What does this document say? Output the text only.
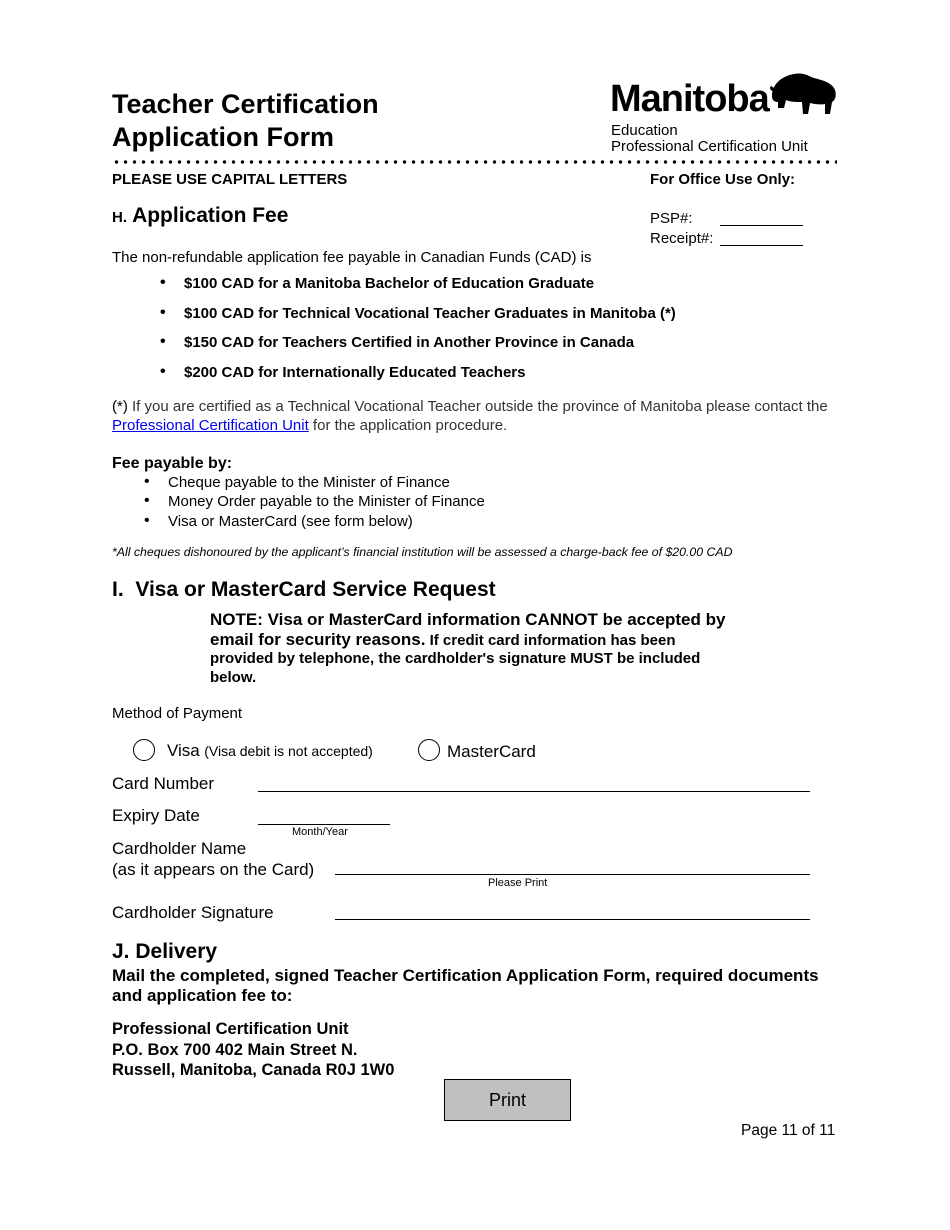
Teacher Certification
Application Form
Manitoba
Education
Professional Certification Unit
PLEASE USE CAPITAL LETTERS	For Office Use Only:
PSP#:
Receipt#:
H. Application Fee
The non-refundable application fee payable in Canadian Funds (CAD) is
• $100 CAD for a Manitoba Bachelor of Education Graduate
• $100 CAD for Technical Vocational Teacher Graduates in Manitoba (*)
• $150 CAD for Teachers Certified in Another Province in Canada
• $200 CAD for Internationally Educated Teachers
(*) If you are certified as a Technical Vocational Teacher outside the province of Manitoba please contact the Professional Certification Unit for the application procedure.
Fee payable by:
• Cheque payable to the Minister of Finance
• Money Order payable to the Minister of Finance
• Visa or MasterCard (see form below)
*All cheques dishonoured by the applicant’s financial institution will be assessed a charge-back fee of $20.00 CAD
I. Visa or MasterCard Service Request
NOTE: Visa or MasterCard information CANNOT be accepted by email for security reasons. If credit card information has been provided by telephone, the cardholder's signature MUST be included below.
Method of Payment
Visa (Visa debit is not accepted)	MasterCard
Card Number
Expiry Date
Month/Year
Cardholder Name
(as it appears on the Card)
Please Print
Cardholder Signature
J. Delivery
Mail the completed, signed Teacher Certification Application Form, required documents and application fee to:
Professional Certification Unit
P.O. Box 700 402 Main Street N.
Russell, Manitoba, Canada R0J 1W0
Print
Page 11 of 11
